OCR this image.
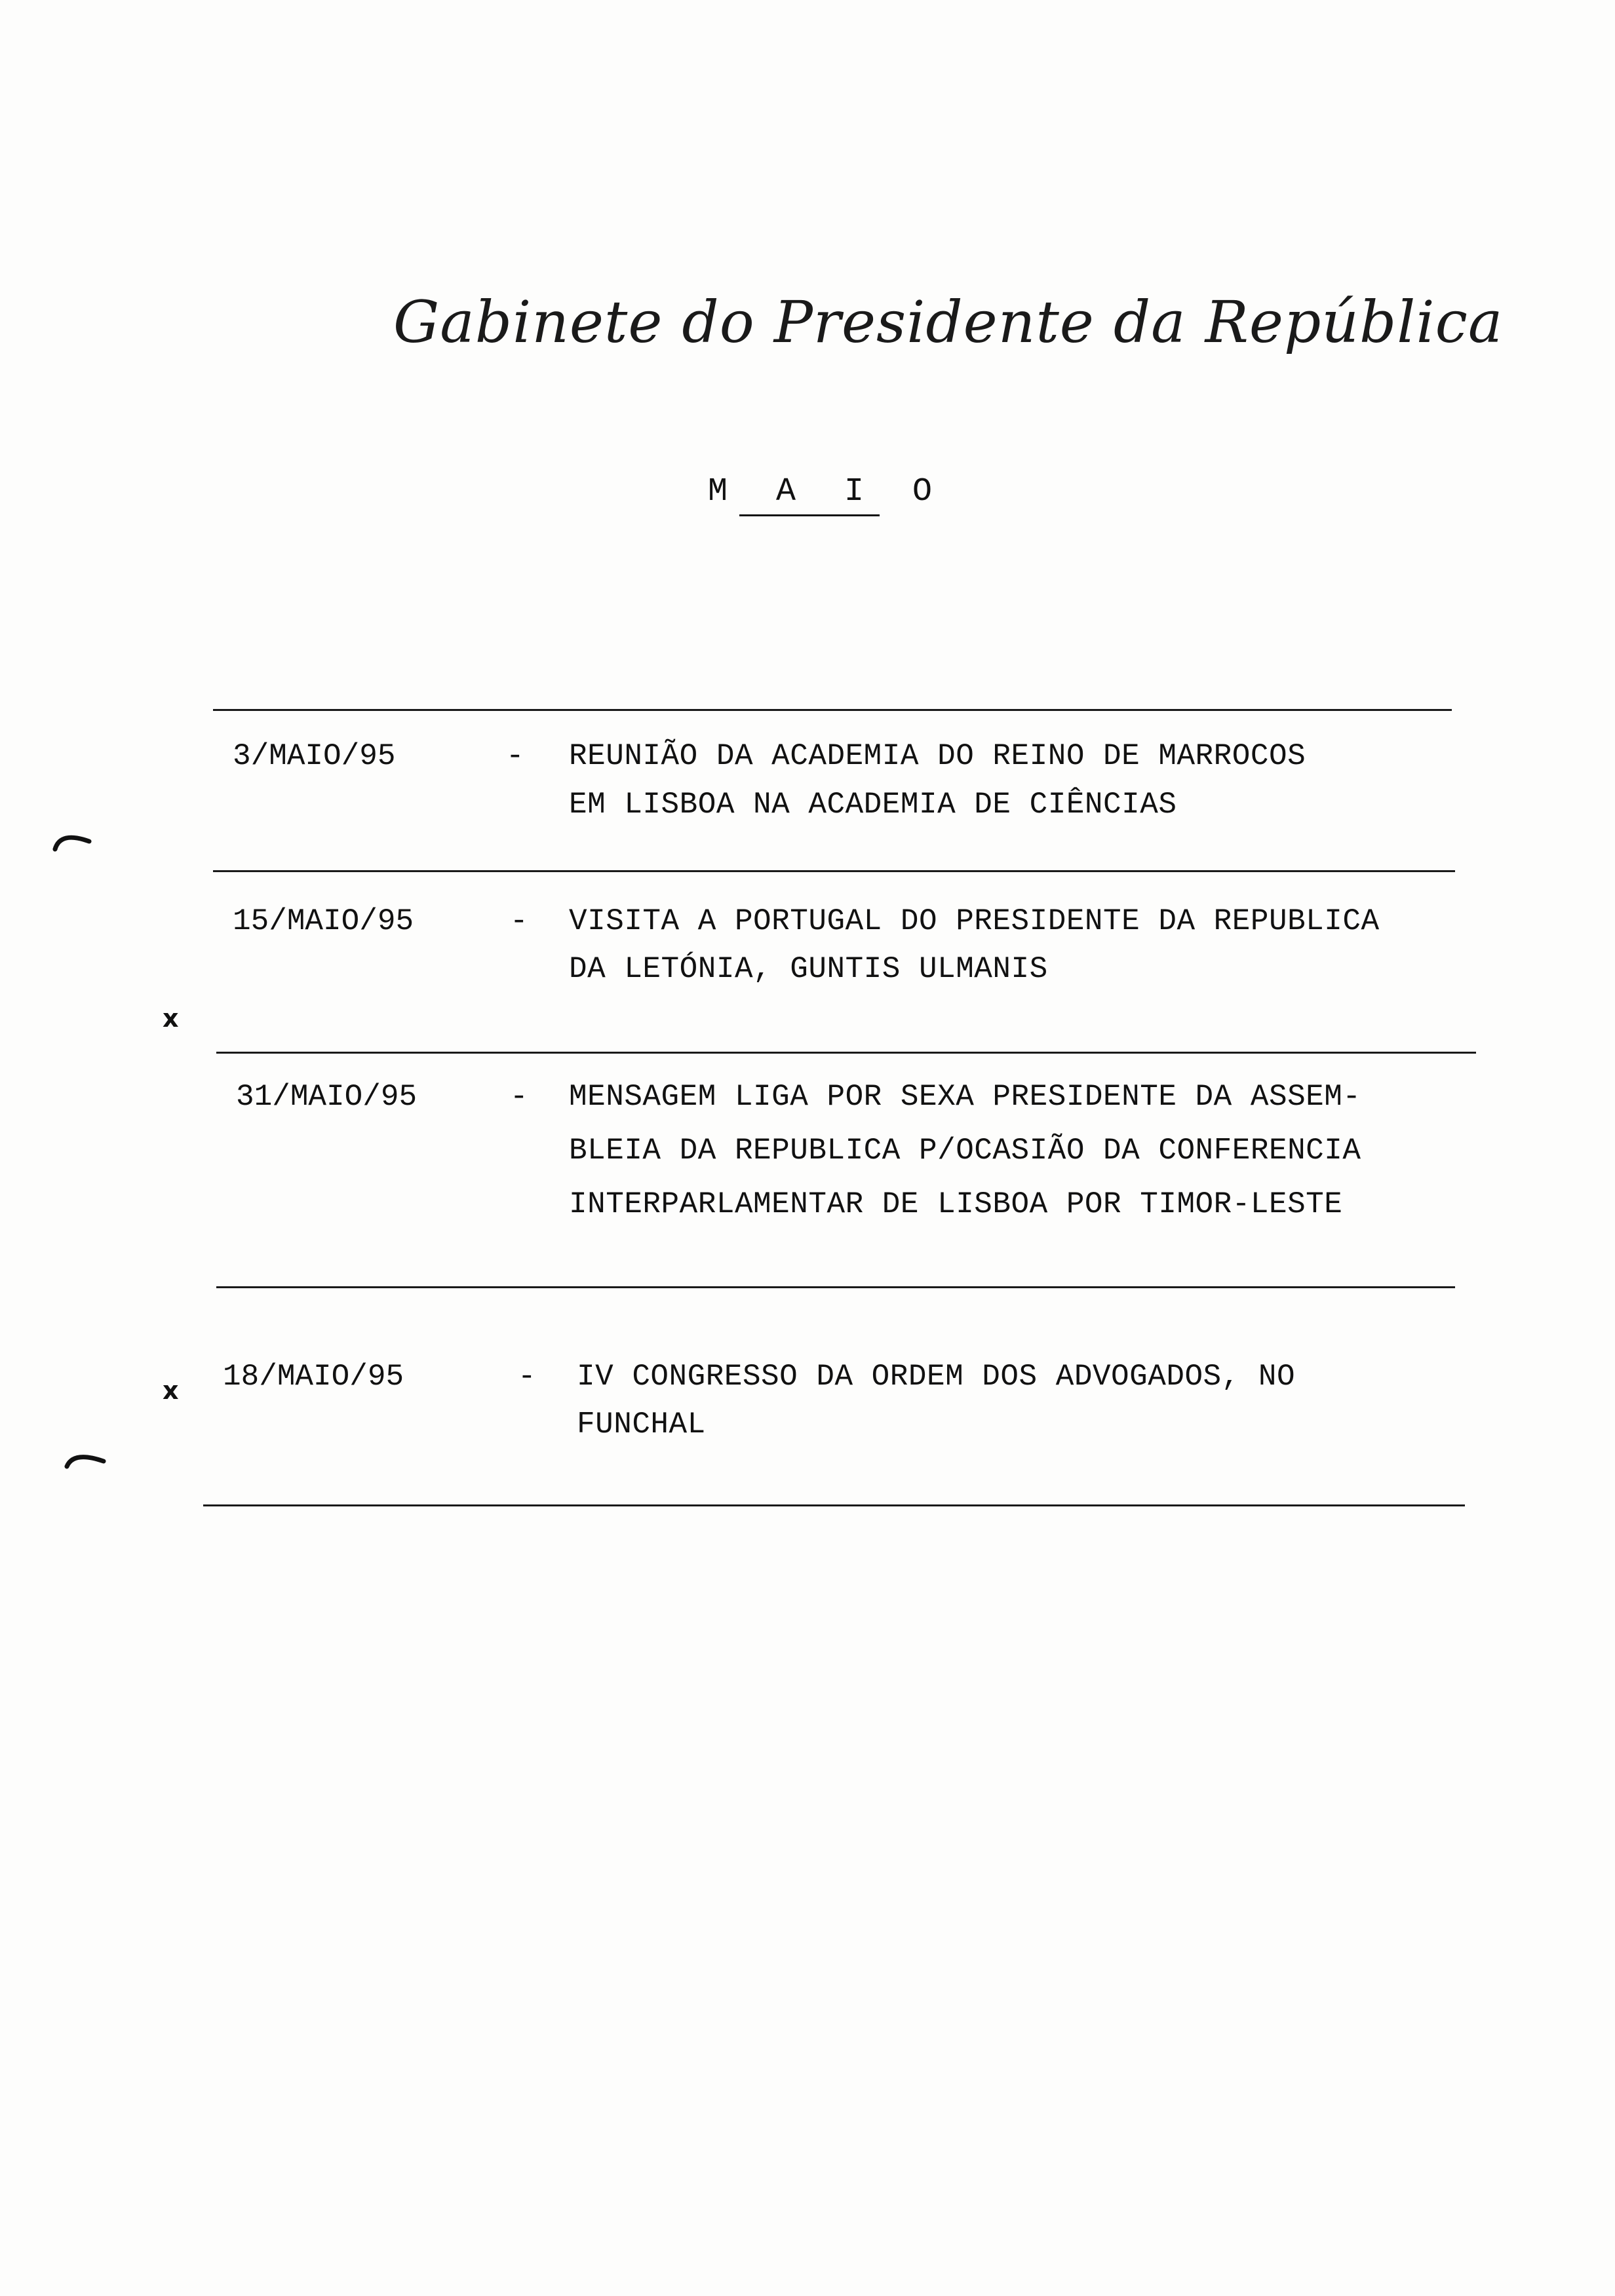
Gabinete do Presidente da República
M A I O
3/MAIO/95	- REUNIÃO DA ACADEMIA DO REINO DE MARROCOS
EM LISBOA NA ACADEMIA DE CIÊNCIAS
15/MAIO/95	- VISITA A PORTUGAL DO PRESIDENTE DA REPUBLICA
DA LETÓNIA, GUNTIS ULMANIS
x
31/MAIO/95	- MENSAGEM LIGA POR SEXA PRESIDENTE DA ASSEM-
BLEIA DA REPUBLICA P/OCASIÃO DA CONFERENCIA
INTERPARLAMENTAR DE LISBOA POR TIMOR-LESTE
18/MAIO/95	- IV CONGRESSO DA ORDEM DOS ADVOGADOS, NO
FUNCHAL
x
